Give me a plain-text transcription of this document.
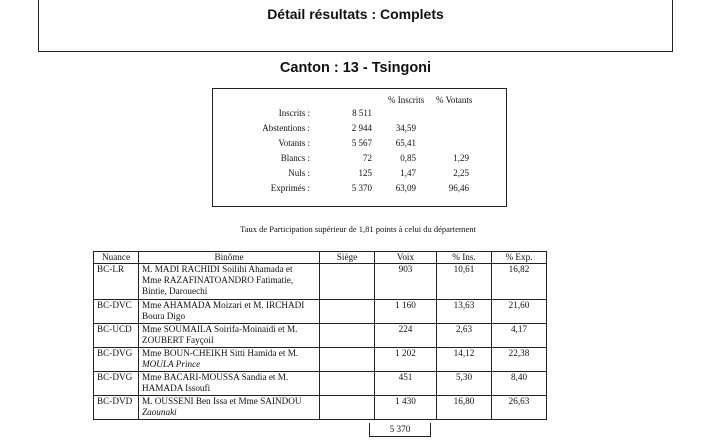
Détail résultats : Complets
Canton : 13 - Tsingoni
% Inscrits % Votants
Inscrits :	8 511
Abstentions :	2 944	34,59
Votants :	5 567	65,41
Blancs :	72	0,85	1,29
Nuls :	125	1,47	2,25
Exprimés :	5 370	63,09	96,46
Taux de Participation supérieur de 1,81 points à celui du département
Nuance	Binôme	Siège	Voix	% Ins.	% Exp.
BC-LR	M. MADI RACHIDI Soilihi Ahamada et
Mme RAZAFINATOANDRO Fatimatie,
Bintie, Darouechi		903	10,61	16,82
BC-DVC	Mme AHAMADA Moizari et M. IRCHADI
Boura Digo		1 160	13,63	21,60
BC-UCD	Mme SOUMAILA Soirifa-Moinaidi et M.
ZOUBERT Fayçoil		224	2,63	4,17
BC-DVG	Mme BOUN-CHEIKH Sitti Hamida et M.
MOULA Prince		1 202	14,12	22,38
BC-DVG	Mme BACARI-MOUSSA Sandia et M.
HAMADA Issoufi		451	5,30	8,40
BC-DVD	M. OUSSENI Ben Issa et Mme SAINDOU
Zaounaki		1 430	16,80	26,63
5 370
